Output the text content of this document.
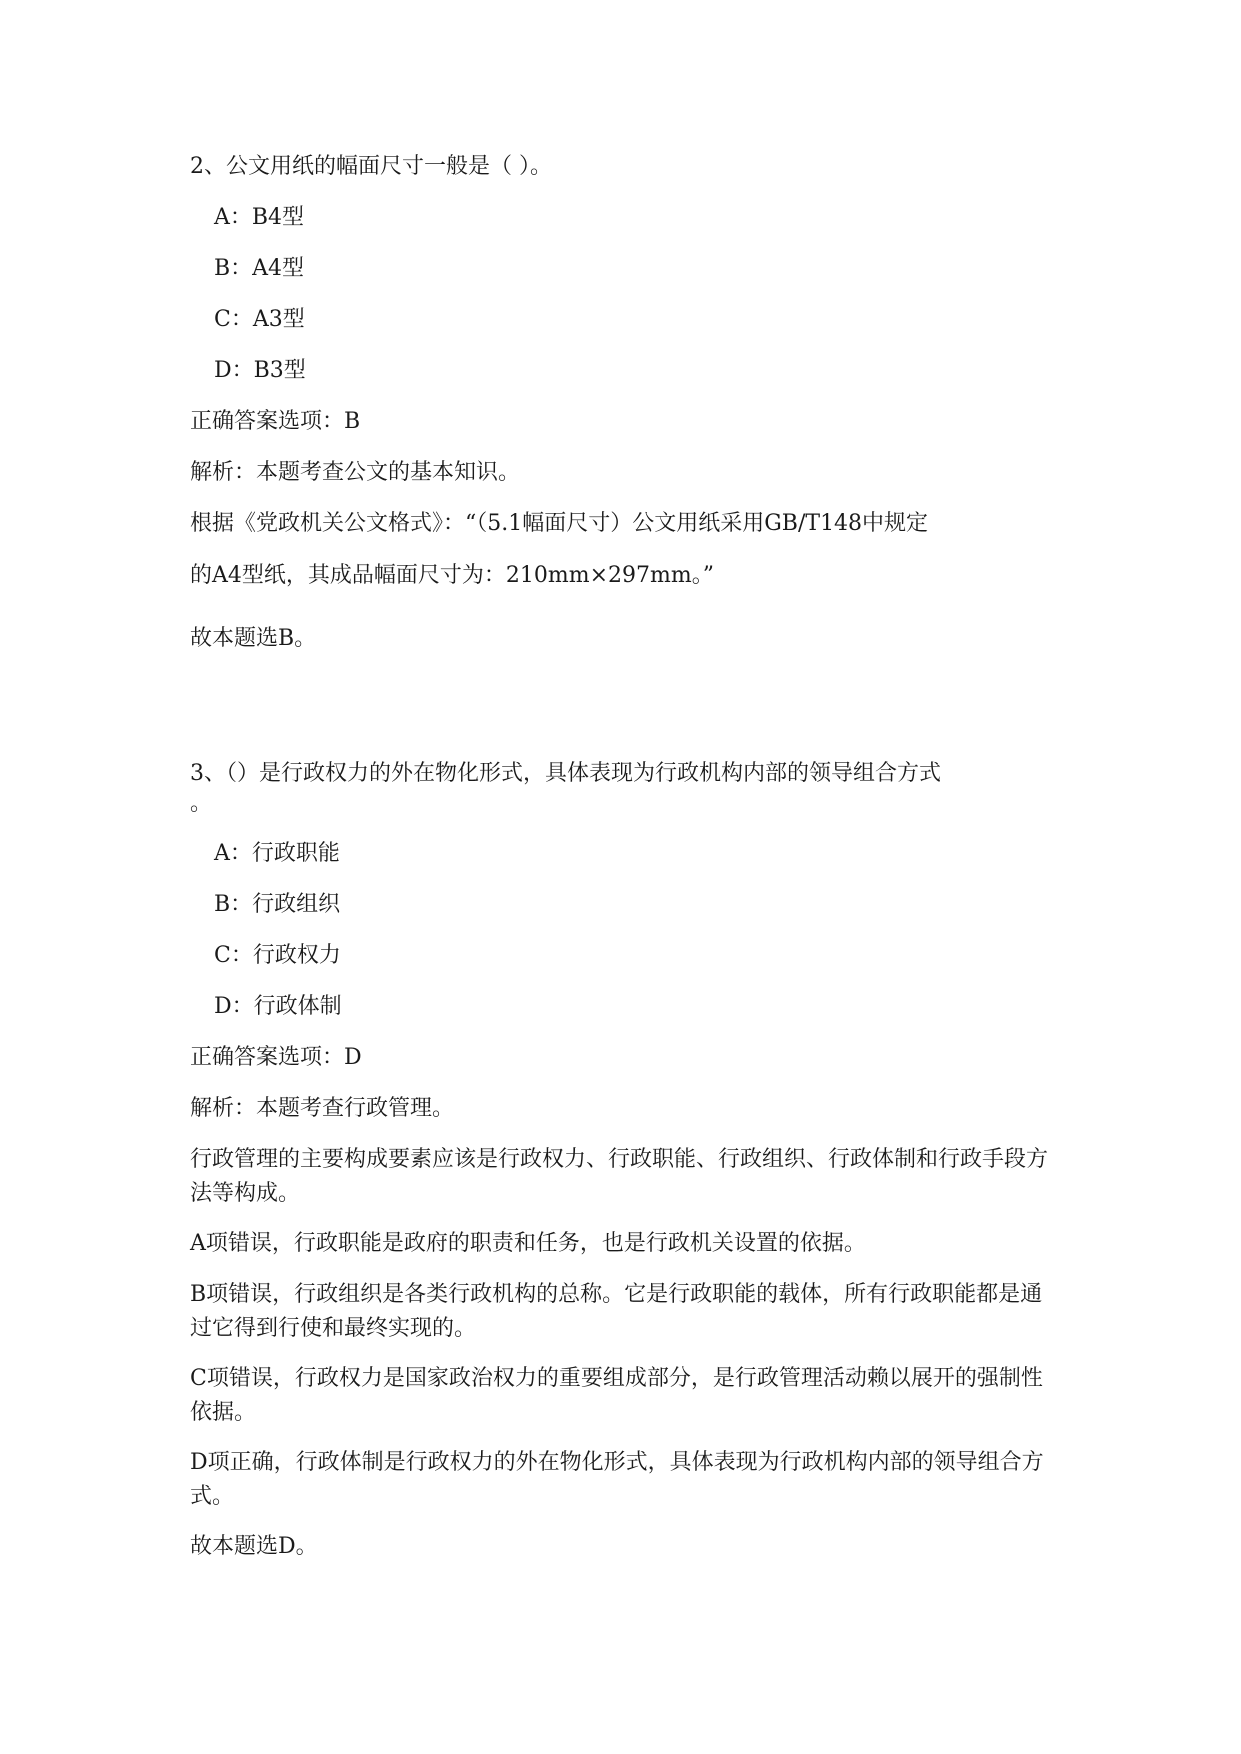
2、公文用纸的幅面尺寸一般是（ ）。
A：B4型
B：A4型
C：A3型
D：B3型
正确答案选项：B
解析：本题考查公文的基本知识。
根据《党政机关公文格式》：“（5.1幅面尺寸）公文用纸采用GB/T148中规定
的A4型纸，其成品幅面尺寸为：210mm×297mm。”
故本题选B。
3、（）是行政权力的外在物化形式，具体表现为行政机构内部的领导组合方式
。
A：行政职能
B：行政组织
C：行政权力
D：行政体制
正确答案选项：D
解析：本题考查行政管理。
行政管理的主要构成要素应该是行政权力、行政职能、行政组织、行政体制和行政手段方法等构成。
A项错误，行政职能是政府的职责和任务，也是行政机关设置的依据。
B项错误，行政组织是各类行政机构的总称。它是行政职能的载体，所有行政职能都是通过它得到行使和最终实现的。
C项错误，行政权力是国家政治权力的重要组成部分，是行政管理活动赖以展开的强制性依据。
D项正确，行政体制是行政权力的外在物化形式，具体表现为行政机构内部的领导组合方式。
故本题选D。
